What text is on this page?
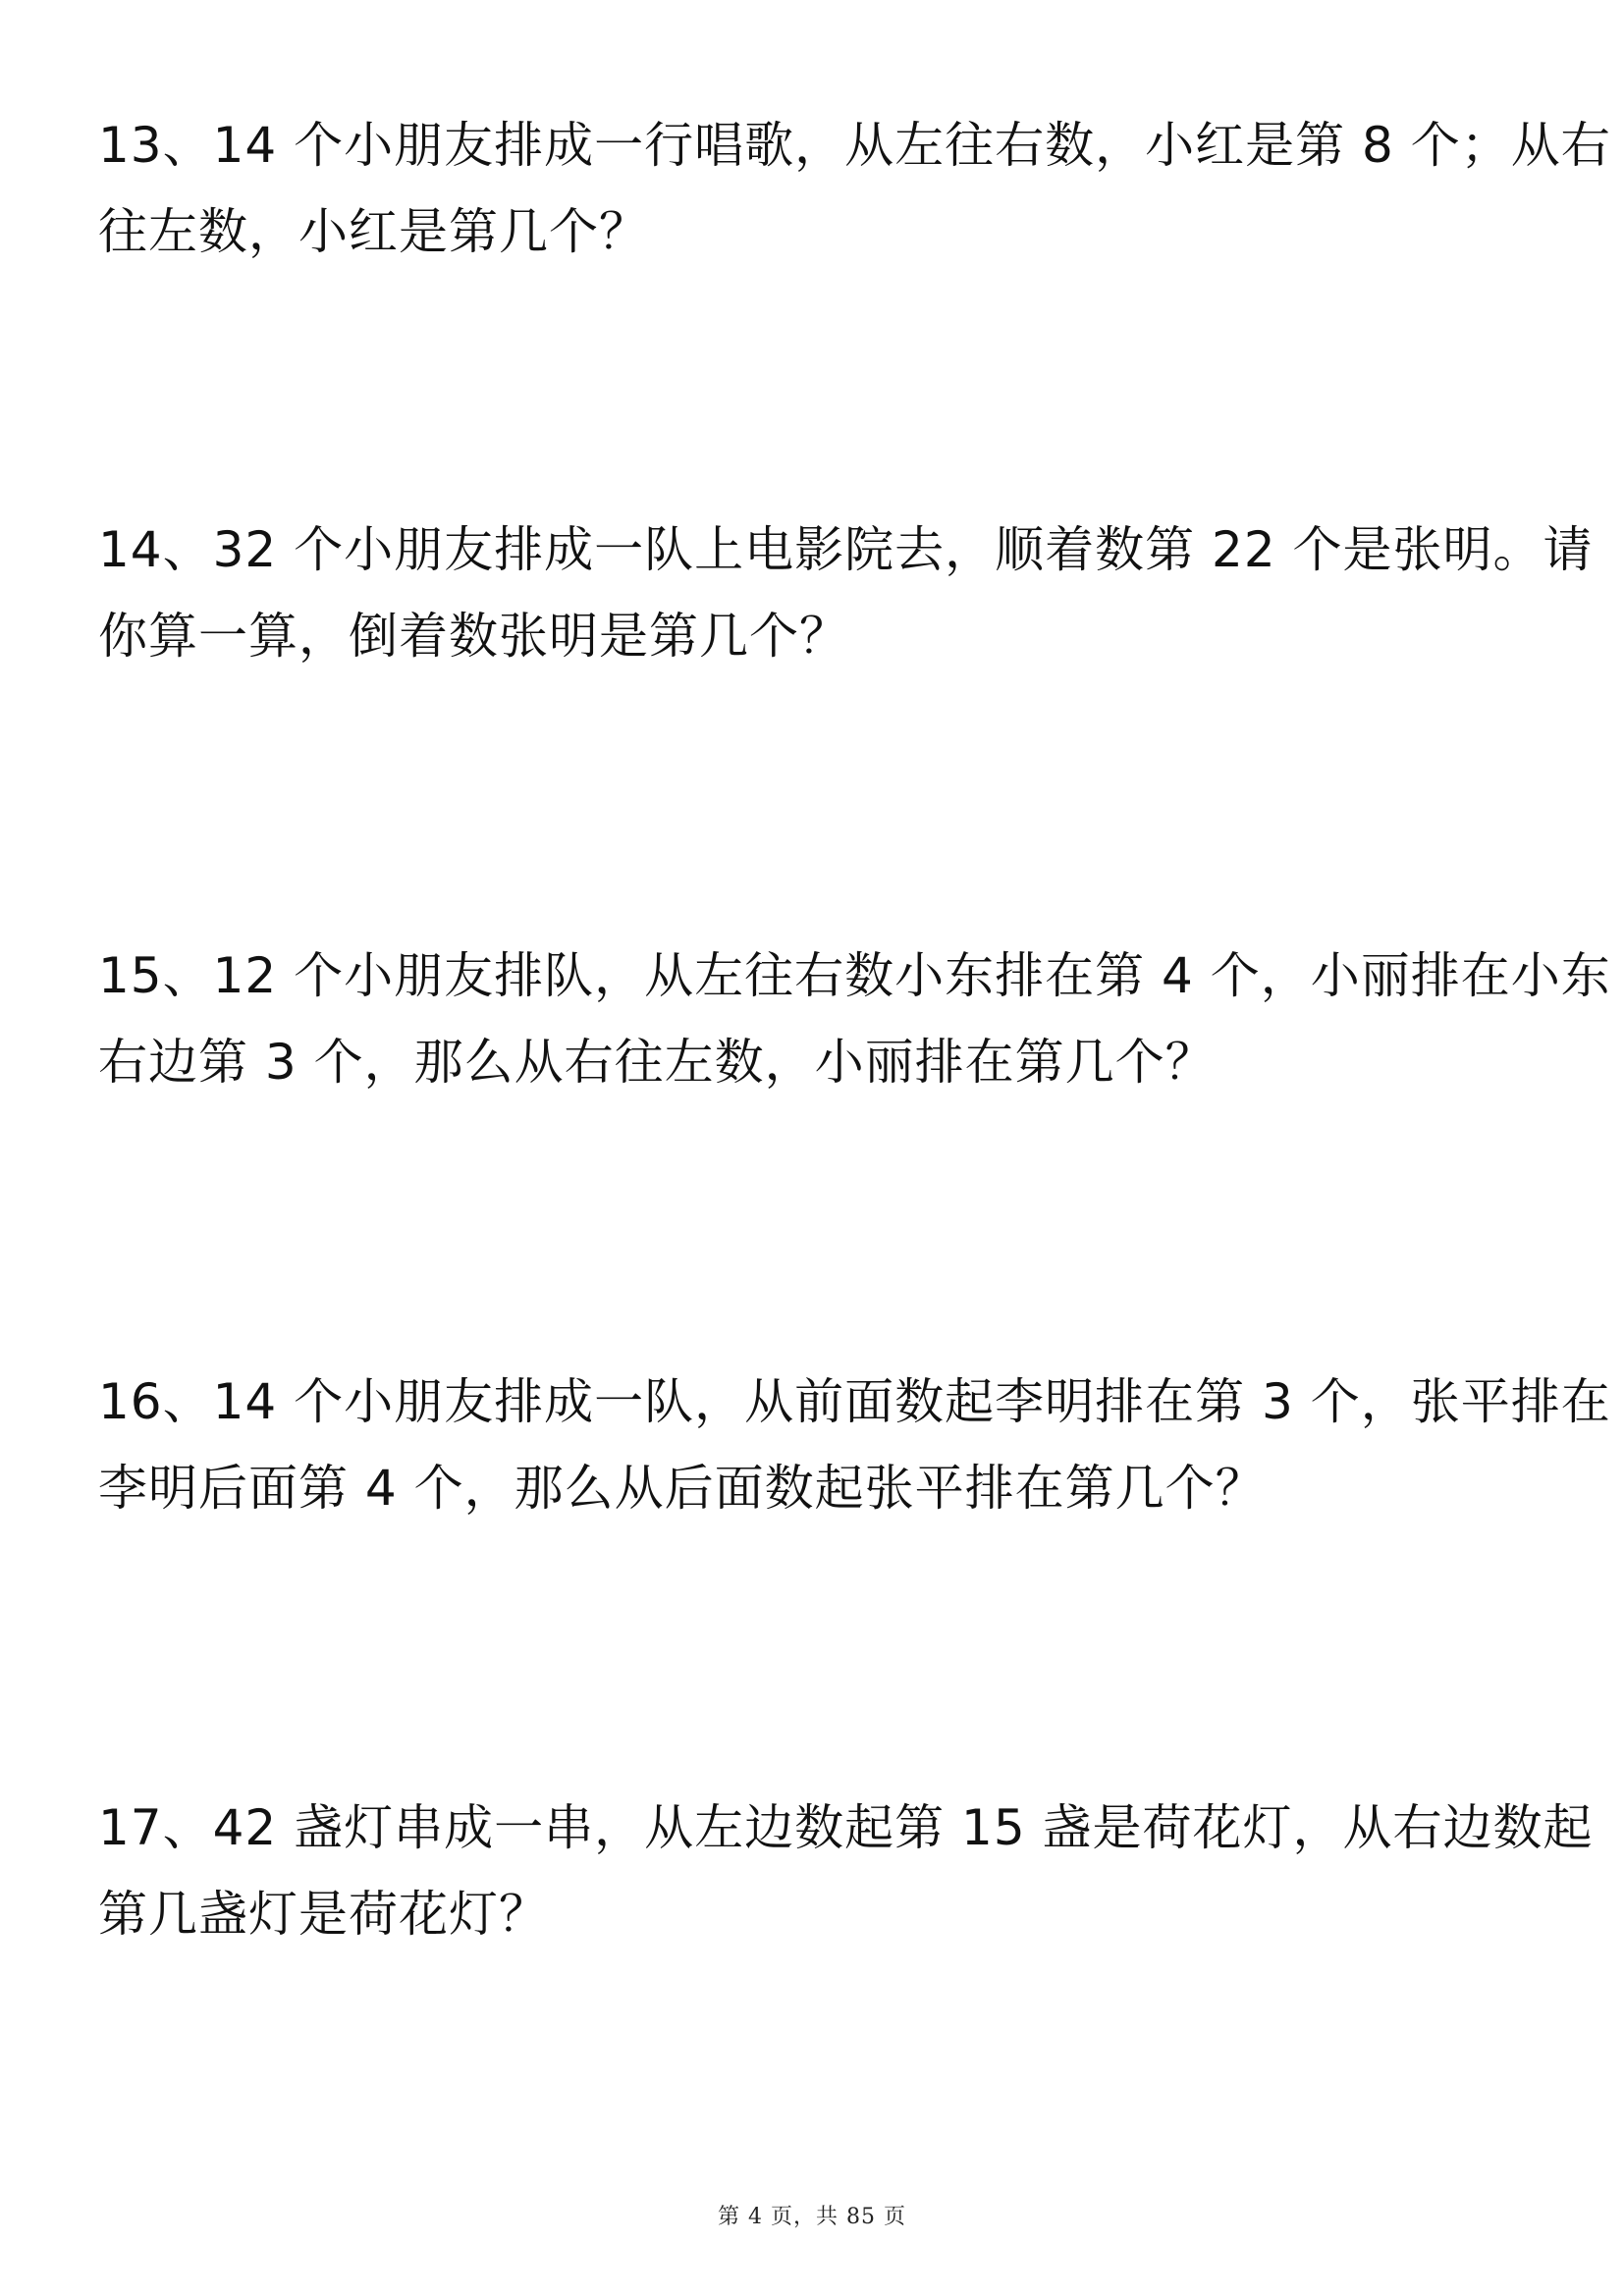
13、14 个小朋友排成一行唱歌，从左往右数，小红是第 8 个；从右
往左数，小红是第几个？
14、32 个小朋友排成一队上电影院去，顺着数第 22 个是张明。请
你算一算，倒着数张明是第几个？
15、12 个小朋友排队，从左往右数小东排在第 4 个，小丽排在小东
右边第 3 个，那么从右往左数，小丽排在第几个？
16、14 个小朋友排成一队，从前面数起李明排在第 3 个，张平排在
李明后面第 4 个，那么从后面数起张平排在第几个？
17、42 盏灯串成一串，从左边数起第 15 盏是荷花灯，从右边数起
第几盏灯是荷花灯？
第 4 页，共 85 页
